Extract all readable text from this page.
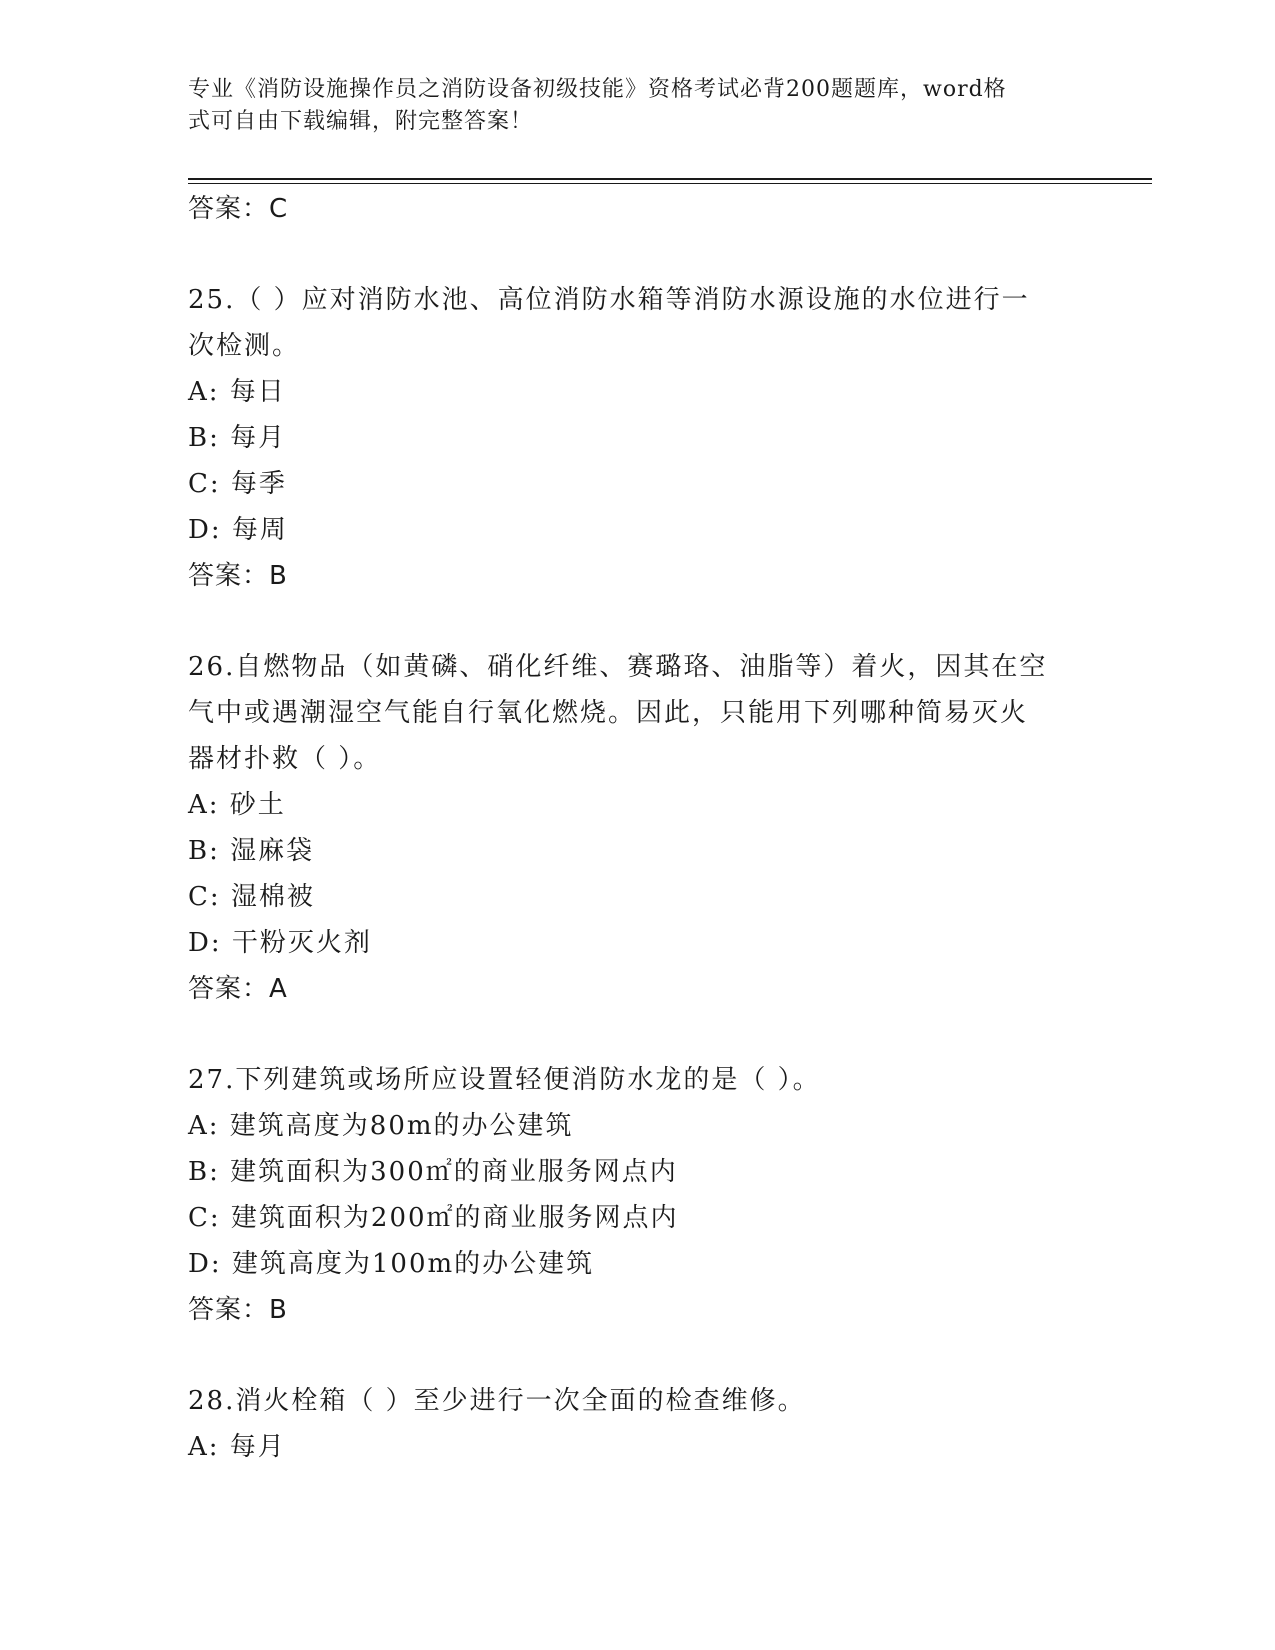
专业《消防设施操作员之消防设备初级技能》资格考试必背200题题库，word格
式可自由下载编辑，附完整答案！
答案：C
25.（ ）应对消防水池、高位消防水箱等消防水源设施的水位进行一
次检测。
A: 每日
B: 每月
C: 每季
D: 每周
答案：B
26.自燃物品（如黄磷、硝化纤维、赛璐珞、油脂等）着火，因其在空
气中或遇潮湿空气能自行氧化燃烧。因此，只能用下列哪种简易灭火
器材扑救（ ）。
A: 砂土
B: 湿麻袋
C: 湿棉被
D: 干粉灭火剂
答案：A
27.下列建筑或场所应设置轻便消防水龙的是（ ）。
A: 建筑高度为80m的办公建筑
B: 建筑面积为300㎡的商业服务网点内
C: 建筑面积为200㎡的商业服务网点内
D: 建筑高度为100m的办公建筑
答案：B
28.消火栓箱（ ）至少进行一次全面的检查维修。
A: 每月
